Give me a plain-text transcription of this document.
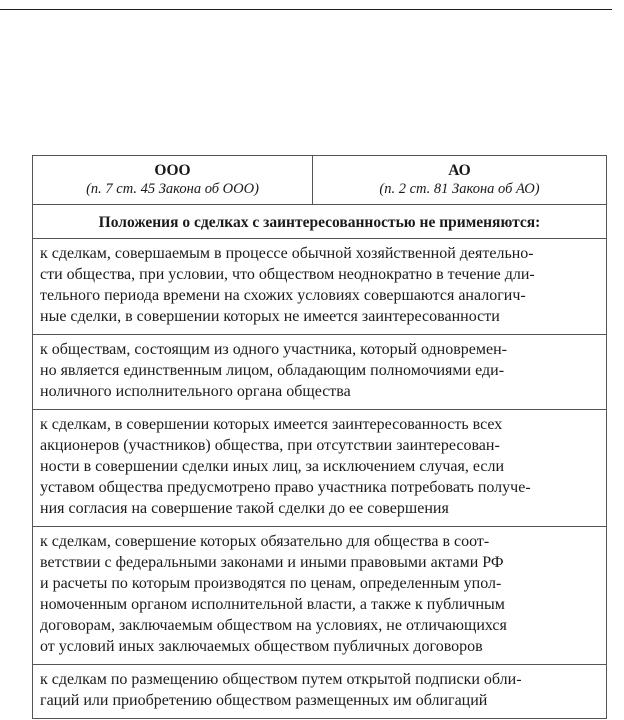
ООО
(п. 7 ст. 45 Закона об ООО)

АО
(п. 2 ст. 81 Закона об АО)

Положения о сделках с заинтересованностью не применяются:

к сделкам, совершаемым в процессе обычной хозяйственной деятельно-
сти общества, при условии, что обществом неоднократно в течение дли-
тельного периода времени на схожих условиях совершаются аналогич-
ные сделки, в совершении которых не имеется заинтересованности

к обществам, состоящим из одного участника, который одновремен-
но является единственным лицом, обладающим полномочиями еди-
ноличного исполнительного органа общества

к сделкам, в совершении которых имеется заинтересованность всех
акционеров (участников) общества, при отсутствии заинтересован-
ности в совершении сделки иных лиц, за исключением случая, если
уставом общества предусмотрено право участника потребовать получе-
ния согласия на совершение такой сделки до ее совершения

к сделкам, совершение которых обязательно для общества в соот-
ветствии с федеральными законами и иными правовыми актами РФ
и расчеты по которым производятся по ценам, определенным упол-
номоченным органом исполнительной власти, а также к публичным
договорам, заключаемым обществом на условиях, не отличающихся
от условий иных заключаемых обществом публичных договоров

к сделкам по размещению обществом путем открытой подписки обли-
гаций или приобретению обществом размещенных им облигаций
